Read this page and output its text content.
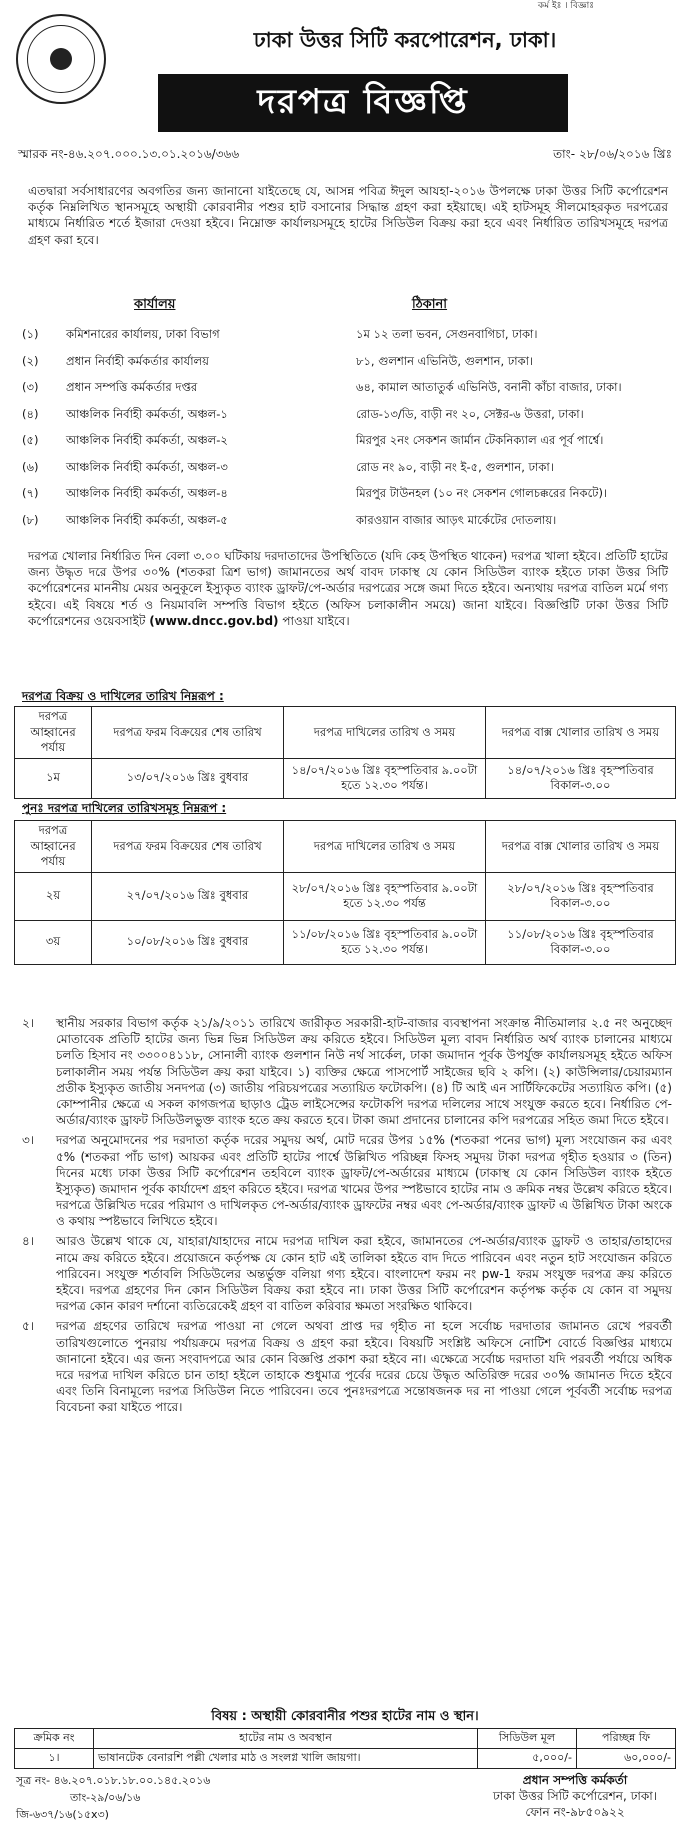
কর্ম ইঃ । বিজ্ঞাঃ
ঢাকা উত্তর সিটি করপোরেশন, ঢাকা।
দরপত্র বিজ্ঞপ্তি
স্মারক নং-৪৬.২০৭.০০০.১৩.০১.২০১৬/৩৬৬	তাং- ২৮/০৬/২০১৬ খ্রিঃ
এতদ্বারা সর্বসাধারণের অবগতির জন্য জানানো যাইতেছে যে, আসন্ন পবিত্র ঈদুল আযহা-২০১৬ উপলক্ষে ঢাকা উত্তর সিটি কর্পোরেশন কর্তৃক নিম্নলিখিত স্থানসমূহে অস্থায়ী কোরবানীর পশুর হাট বসানোর সিদ্ধান্ত গ্রহণ করা হইয়াছে। এই হাটসমূহ সীলমোহরকৃত দরপত্রের মাধ্যমে নির্ধারিত শর্তে ইজারা দেওয়া হইবে। নিম্নোক্ত কার্যালয়সমূহে হাটের সিডিউল বিক্রয় করা হবে এবং নির্ধারিত তারিখসমূহে দরপত্র গ্রহণ করা হবে।
কার্যালয়	ঠিকানা
(১)	কমিশনারের কার্যালয়, ঢাকা বিভাগ	১ম ১২ তলা ভবন, সেগুনবাগিচা, ঢাকা।
(২)	প্রধান নির্বাহী কর্মকর্তার কার্যালয়	৮১, গুলশান এভিনিউ, গুলশান, ঢাকা।
(৩)	প্রধান সম্পত্তি কর্মকর্তার দপ্তর	৬৪, কামাল আতাতুর্ক এভিনিউ, বনানী কাঁচা বাজার, ঢাকা।
(৪)	আঞ্চলিক নির্বাহী কর্মকর্তা, অঞ্চল-১	রোড-১৩/ডি, বাড়ী নং ২০, সেক্টর-৬ উত্তরা, ঢাকা।
(৫)	আঞ্চলিক নির্বাহী কর্মকর্তা, অঞ্চল-২	মিরপুর ২নং সেকশন জার্মান টেকনিক্যাল এর পূর্ব পার্শ্বে।
(৬)	আঞ্চলিক নির্বাহী কর্মকর্তা, অঞ্চল-৩	রোড নং ৯০, বাড়ী নং ই-৫, গুলশান, ঢাকা।
(৭)	আঞ্চলিক নির্বাহী কর্মকর্তা, অঞ্চল-৪	মিরপুর টাউনহল (১০ নং সেকশন গোলচক্করের নিকটে)।
(৮)	আঞ্চলিক নির্বাহী কর্মকর্তা, অঞ্চল-৫	কারওয়ান বাজার আড়ৎ মার্কেটের দোতলায়।
দরপত্র খোলার নির্ধারিত দিন বেলা ৩.০০ ঘটিকায় দরদাতাদের উপস্থিতিতে (যদি কেহ উপস্থিত থাকেন) দরপত্র খালা হইবে। প্রতিটি হাটের জন্য উদ্ধৃত দরে উপর ৩০% (শতকরা ত্রিশ ভাগ) জামানতের অর্থ বাবদ ঢাকাস্থ যে কোন সিডিউল ব্যাংক হইতে ঢাকা উত্তর সিটি কর্পোরেশনের মাননীয় মেয়র অনুকূলে ইস্যুকৃত ব্যাংক ড্রাফট/পে-অর্ডার দরপত্রের সঙ্গে জমা দিতে হইবে। অন্যথায় দরপত্র বাতিল মর্মে গণ্য হইবে। এই বিষয়ে শর্ত ও নিয়মাবলি সম্পত্তি বিভাগ হইতে (অফিস চলাকালীন সময়ে) জানা যাইবে। বিজ্ঞপ্তিটি ঢাকা উত্তর সিটি কর্পোরেশনের ওয়েবসাইট (www.dncc.gov.bd) পাওয়া যাইবে।
দরপত্র বিক্রয় ও দাখিলের তারিখ নিম্নরূপ :
দরপত্র আহ্বানের পর্যায়	দরপত্র ফরম বিক্রয়ের শেষ তারিখ	দরপত্র দাখিলের তারিখ ও সময়	দরপত্র বাক্স খোলার তারিখ ও সময়
১ম	১৩/০৭/২০১৬ খ্রিঃ বুধবার	১৪/০৭/২০১৬ খ্রিঃ বৃহস্পতিবার ৯.০০টা হতে ১২.৩০ পর্যন্ত।	১৪/০৭/২০১৬ খ্রিঃ বৃহস্পতিবার বিকাল-৩.০০
পুনঃ দরপত্র দাখিলের তারিখসমূহ নিম্নরূপ :
দরপত্র আহ্বানের পর্যায়	দরপত্র ফরম বিক্রয়ের শেষ তারিখ	দরপত্র দাখিলের তারিখ ও সময়	দরপত্র বাক্স খোলার তারিখ ও সময়
২য়	২৭/০৭/২০১৬ খ্রিঃ বুধবার	২৮/০৭/২০১৬ খ্রিঃ বৃহস্পতিবার ৯.০০টা হতে ১২.৩০ পর্যন্ত	২৮/০৭/২০১৬ খ্রিঃ বৃহস্পতিবার বিকাল-৩.০০
৩য়	১০/০৮/২০১৬ খ্রিঃ বুধবার	১১/০৮/২০১৬ খ্রিঃ বৃহস্পতিবার ৯.০০টা হতে ১২.৩০ পর্যন্ত।	১১/০৮/২০১৬ খ্রিঃ বৃহস্পতিবার বিকাল-৩.০০
২।	স্থানীয় সরকার বিভাগ কর্তৃক ২১/৯/২০১১ তারিখে জারীকৃত সরকারী-হাট-বাজার ব্যবস্থাপনা সংক্রান্ত নীতিমালার ২.৫ নং অনুচ্ছেদ মোতাবেক প্রতিটি হাটের জন্য ভিন্ন ভিন্ন সিডিউল ক্রয় করিতে হইবে। সিডিউল মূল্য বাবদ নির্ধারিত অর্থ ব্যাংক চালানের মাধ্যমে চলতি হিসাব নং ৩৩০০৪১১৮, সোনালী ব্যাংক গুলশান নিউ নর্থ সার্কেল, ঢাকা জমাদান পূর্বক উপর্যুক্ত কার্যালয়সমূহ হইতে অফিস চলাকালীন সময় পর্যন্ত সিডিউল ক্রয় করা যাইবে। ১) ব্যক্তির ক্ষেত্রে পাসপোর্ট সাইজের ছবি ২ কপি। (২) কাউন্সিলার/চেয়ারম্যান প্রতীক ইস্যুকৃত জাতীয় সনদপত্র (৩) জাতীয় পরিচয়পত্রের সত্যায়িত ফটোকপি। (৪) টি আই এন সার্টিফিকেটের সত্যায়িত কপি। (৫) কোম্পানীর ক্ষেত্রে এ সকল কাগজপত্র ছাড়াও ট্রেড লাইসেন্সের ফটোকপি দরপত্র দলিলের সাথে সংযুক্ত করতে হবে। নির্ধারিত পে-অর্ডার/ব্যাংক ড্রাফট সিডিউলভুক্ত ব্যাংক হতে ক্রয় করতে হবে। টাকা জমা প্রদানের চালানের কপি দরপত্রের সহিত জমা দিতে হইবে।
৩।	দরপত্র অনুমোদনের পর দরদাতা কর্তৃক দরের সমুদয় অর্থ, মোট দরের উপর ১৫% (শতকরা পনের ভাগ) মূল্য সংযোজন কর এবং ৫% (শতকরা পাঁচ ভাগ) আয়কর এবং প্রতিটি হাটের পার্শ্বে উল্লিখিত পরিচ্ছন্ন ফিসহ সমুদয় টাকা দরপত্র গৃহীত হওয়ার ৩ (তিন) দিনের মধ্যে ঢাকা উত্তর সিটি কর্পোরেশন তহবিলে ব্যাংক ড্রাফট/পে-অর্ডারের মাধ্যমে (ঢাকাস্থ যে কোন সিডিউল ব্যাংক হইতে ইস্যুকৃত) জমাদান পূর্বক কার্যাদেশ গ্রহণ করিতে হইবে। দরপত্র খামের উপর স্পষ্টভাবে হাটের নাম ও ক্রমিক নম্বর উল্লেখ করিতে হইবে। দরপত্রে উল্লিখিত দরের পরিমাণ ও দাখিলকৃত পে-অর্ডার/ব্যাংক ড্রাফটের নম্বর এবং পে-অর্ডার/ব্যাংক ড্রাফট এ উল্লিখিত টাকা অংকে ও কথায় স্পষ্টভাবে লিখিতে হইবে।
৪।	আরও উল্লেখ থাকে যে, যাহারা/যাহাদের নামে দরপত্র দাখিল করা হইবে, জামানতের পে-অর্ডার/ব্যাংক ড্রাফট ও তাহার/তাহাদের নামে ক্রয় করিতে হইবে। প্রয়োজনে কর্তৃপক্ষ যে কোন হাট এই তালিকা হইতে বাদ দিতে পারিবেন এবং নতুন হাট সংযোজন করিতে পারিবেন। সংযুক্ত শর্তাবলি সিডিউলের অন্তর্ভুক্ত বলিয়া গণ্য হইবে। বাংলাদেশ ফরম নং pw-1 ফরম সংযুক্ত দরপত্র ক্রয় করিতে হইবে। দরপত্র গ্রহণের দিন কোন সিডিউল বিক্রয় করা হইবে না। ঢাকা উত্তর সিটি কর্পোরেশন কর্তৃপক্ষ কর্তৃক যে কোন বা সমুদয় দরপত্র কোন কারণ দর্শানো ব্যতিরেকেই গ্রহণ বা বাতিল করিবার ক্ষমতা সংরক্ষিত থাকিবে।
৫।	দরপত্র গ্রহণের তারিখে দরপত্র পাওয়া না গেলে অথবা প্রাপ্ত দর গৃহীত না হলে সর্বোচ্চ দরদাতার জামানত রেখে পরবর্তী তারিখগুলোতে পুনরায় পর্যায়ক্রমে দরপত্র বিক্রয় ও গ্রহণ করা হইবে। বিষয়টি সংশ্লিষ্ট অফিসে নোটিশ বোর্ডে বিজ্ঞপ্তির মাধ্যমে জানানো হইবে। এর জন্য সংবাদপত্রে আর কোন বিজ্ঞপ্তি প্রকাশ করা হইবে না। এক্ষেত্রে সর্বোচ্চ দরদাতা যদি পরবর্তী পর্যায়ে অধিক দরে দরপত্র দাখিল করিতে চান তাহা হইলে তাহাকে শুধুমাত্র পূর্বের দরের চেয়ে উদ্ধৃত অতিরিক্ত দরের ৩০% জামানত দিতে হইবে এবং তিনি বিনামূল্যে দরপত্র সিডিউল নিতে পারিবেন। তবে পুনঃদরপত্রে সন্তোষজনক দর না পাওয়া গেলে পূর্ববর্তী সর্বোচ্চ দরপত্র বিবেচনা করা যাইতে পারে।
বিষয় : অস্থায়ী কোরবানীর পশুর হাটের নাম ও স্থান।
ক্রমিক নং	হাটের নাম ও অবস্থান	সিডিউল মূল	পরিচ্ছন্ন ফি
১।	ভাষানটেক বেনারশি পল্লী খেলার মাঠ ও সংলগ্ন খালি জায়গা।	৫,০০০/-	৬০,০০০/-
সূত্র নং- ৪৬.২০৭.০১৮.১৮.০০.১৪৫.২০১৬
তাং-২৯/০৬/১৬
জি-৬৩৭/১৬(১৫x৩)
প্রধান সম্পত্তি কর্মকর্তা
ঢাকা উত্তর সিটি কর্পোরেশন, ঢাকা।
ফোন নং-৯৮৫০৯২২
